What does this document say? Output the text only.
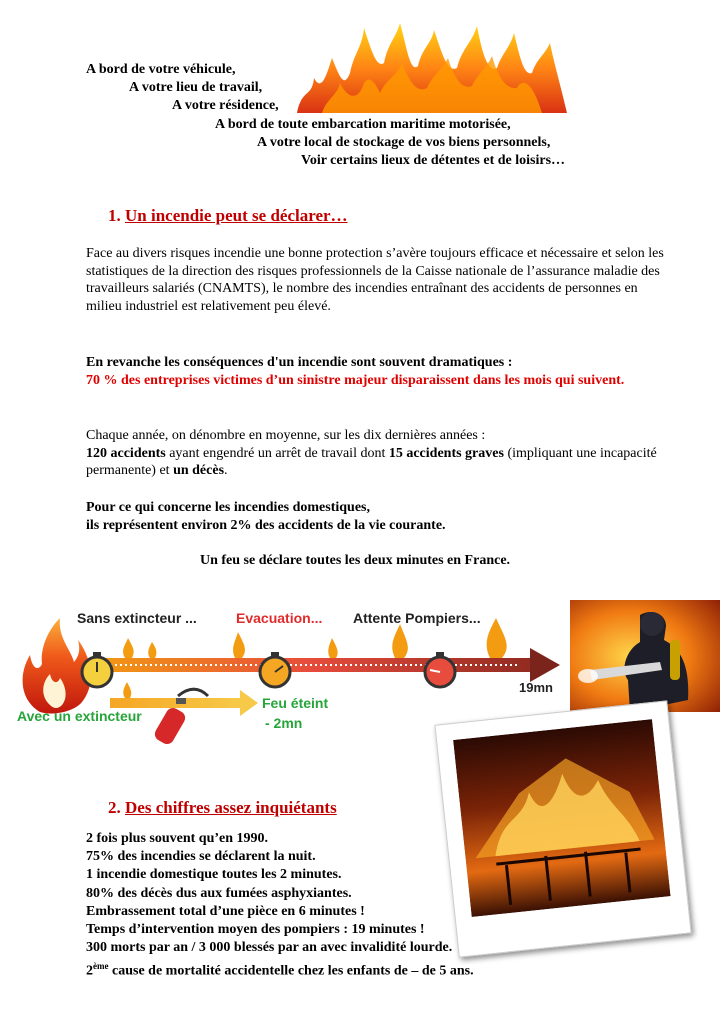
A bord de votre véhicule,
A votre lieu de travail,
A votre résidence,
A bord de toute embarcation maritime motorisée,
A votre local de stockage de vos biens personnels,
Voir certains lieux de détentes et de loisirs…
1. Un incendie peut se déclarer…
Face au divers risques incendie une bonne protection s’avère toujours efficace et nécessaire et selon les statistiques de la direction des risques professionnels de la Caisse nationale de l’assurance maladie des travailleurs salariés (CNAMTS), le nombre des incendies entraînant des accidents de personnes en milieu industriel est relativement peu élevé.
En revanche les conséquences d'un incendie sont souvent dramatiques :
70 % des entreprises victimes d’un sinistre majeur disparaissent dans les mois qui suivent.
Chaque année, on dénombre en moyenne, sur les dix dernières années :
120 accidents ayant engendré un arrêt de travail dont 15 accidents graves (impliquant une incapacité permanente) et un décès.
Pour ce qui concerne les incendies domestiques,
ils représentent environ 2% des accidents de la vie courante.
Un feu se déclare toutes les deux minutes en France.
Sans extincteur ...	Evacuation... Attente Pompiers...
19mn
Avec un extincteur
Feu éteint
- 2mn
2. Des chiffres assez inquiétants
2 fois plus souvent qu’en 1990.
75% des incendies se déclarent la nuit.
1 incendie domestique toutes les 2 minutes.
80% des décès dus aux fumées asphyxiantes.
Embrassement total d’une pièce en 6 minutes !
Temps d’intervention moyen des pompiers : 19 minutes !
300 morts par an / 3 000 blessés par an avec invalidité lourde.
2ème cause de mortalité accidentelle chez les enfants de – de 5 ans.
